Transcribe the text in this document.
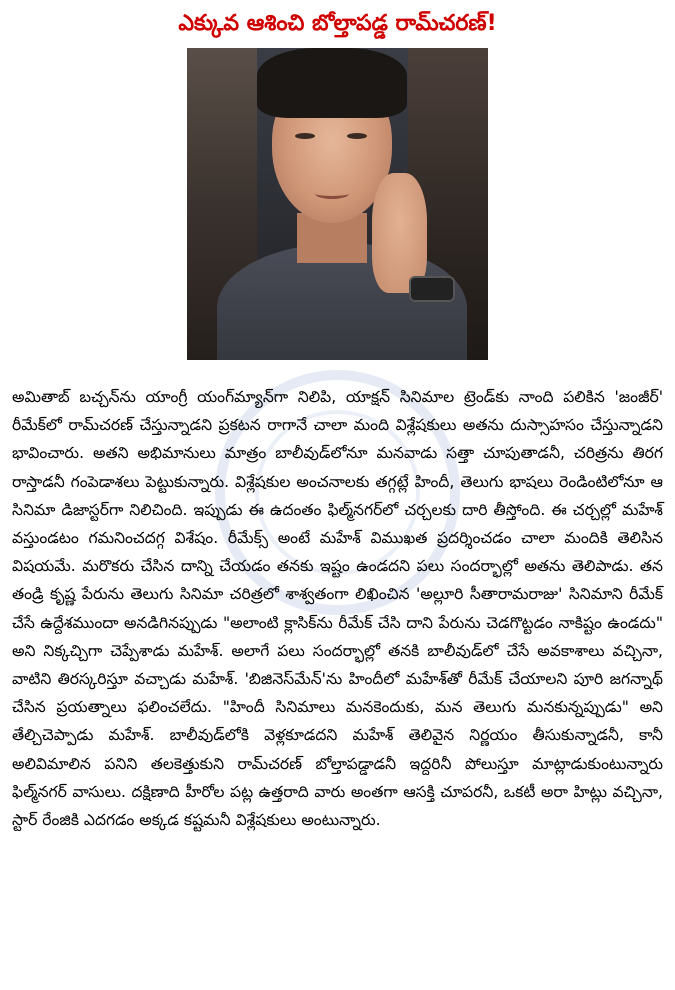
ఎక్కువ ఆశించి బోల్తాపడ్డ రామ్‌చరణ్!
అమితాబ్ బచ్చన్‌ను యాంగ్రీ యంగ్‌మ్యాన్‌గా నిలిపి, యాక్షన్ సినిమాల ట్రెండ్‌కు నాంది పలికిన 'జంజీర్' రీమేక్‌లో రామ్‌చరణ్ చేస్తున్నాడని ప్రకటన రాగానే చాలా మంది విశ్లేషకులు అతను దుస్సాహసం చేస్తున్నాడని భావించారు. అతని అభిమానులు మాత్రం బాలీవుడ్‌లోనూ మనవాడు సత్తా చూపుతాడనీ, చరిత్రను తిరగ రాస్తాడనీ గంపెడాశలు పెట్టుకున్నారు. విశ్లేషకుల అంచనాలకు తగ్గట్లే హిందీ, తెలుగు భాషలు రెండింటిలోనూ ఆ సినిమా డిజాస్టర్‌గా నిలిచింది. ఇప్పుడు ఈ ఉదంతం ఫిల్మ్‌నగర్‌లో చర్చలకు దారి తీస్తోంది. ఈ చర్చల్లో మహేశ్ వస్తుండటం గమనించదగ్గ విశేషం. రీమేక్స్ అంటే మహేశ్ విముఖత ప్రదర్శించడం చాలా మందికి తెలిసిన విషయమే. మరొకరు చేసిన దాన్ని చేయడం తనకు ఇష్టం ఉండదని పలు సందర్భాల్లో అతను తెలిపాడు. తన తండ్రి కృష్ణ పేరును తెలుగు సినిమా చరిత్రలో శాశ్వతంగా లిఖించిన 'అల్లూరి సీతారామరాజు' సినిమాని రీమేక్ చేసే ఉద్దేశముందా అనడిగినప్పుడు "అలాంటి క్లాసిక్‌ను రీమేక్ చేసి దాని పేరును చెడగొట్టడం నాకిష్టం ఉండదు" అని నిక్కచ్చిగా చెప్పేశాడు మహేశ్. అలాగే పలు సందర్భాల్లో తనకి బాలీవుడ్‌లో చేసే అవకాశాలు వచ్చినా, వాటిని తిరస్కరిస్తూ వచ్చాడు మహేశ్. 'బిజినెస్‌మేన్'ను హిందీలో మహేశ్‌తో రీమేక్ చేయాలని పూరి జగన్నాథ్ చేసిన ప్రయత్నాలు ఫలించలేదు. "హిందీ సినిమాలు మనకెందుకు, మన తెలుగు మనకున్నప్పుడు" అని తేల్చిచెప్పాడు మహేశ్. బాలీవుడ్‌లోకి వెళ్లకూడదని మహేశ్ తెలివైన నిర్ణయం తీసుకున్నాడనీ, కానీ అలివిమాలిన పనిని తలకెత్తుకుని రామ్‌చరణ్ బోల్తాపడ్డాడనీ ఇద్దరినీ పోలుస్తూ మాట్లాడుకుంటున్నారు ఫిల్మ్‌నగర్ వాసులు. దక్షిణాది హీరోల పట్ల ఉత్తరాది వారు అంతగా ఆసక్తి చూపరనీ, ఒకటీ అరా హిట్లు వచ్చినా, స్టార్ రేంజికి ఎదగడం అక్కడ కష్టమనీ విశ్లేషకులు అంటున్నారు.
